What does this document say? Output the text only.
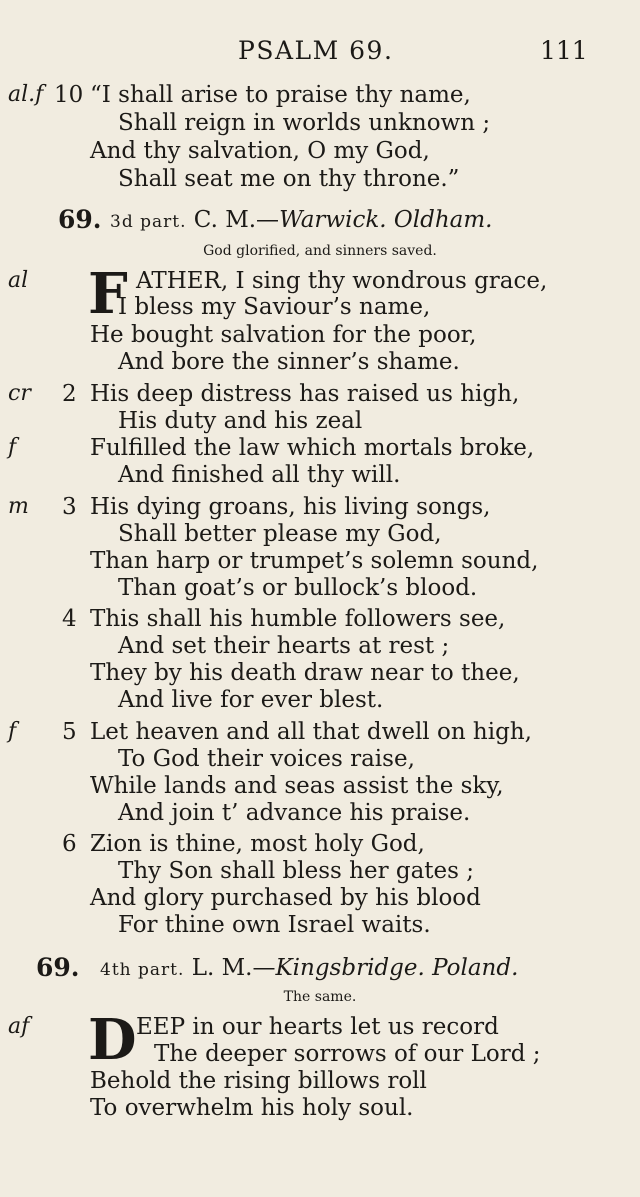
PSALM 69.	111
al.f 10 “I shall arise to praise thy name,
Shall reign in worlds unknown ;
And thy salvation, O my God,
Shall seat me on thy throne.”
69. 3d part. C. M.—Warwick. Oldham.
God glorified, and sinners saved.
al F ATHER, I sing thy wondrous grace,
I bless my Saviour’s name,
He bought salvation for the poor,
And bore the sinner’s shame.
cr 2 His deep distress has raised us high,
His duty and his zeal
f	Fulfilled the law which mortals broke,
And finished all thy will.
m 3 His dying groans, his living songs,
Shall better please my God,
Than harp or trumpet’s solemn sound,
Than goat’s or bullock’s blood.
4 This shall his humble followers see,
And set their hearts at rest ;
They by his death draw near to thee,
And live for ever blest.
f 5 Let heaven and all that dwell on high,
To God their voices raise,
While lands and seas assist the sky,
And join t’ advance his praise.
6 Zion is thine, most holy God,
Thy Son shall bless her gates ;
And glory purchased by his blood
For thine own Israel waits.
69. 4th part. L. M.—Kingsbridge. Poland.
The same.
af D EEP in our hearts let us record
The deeper sorrows of our Lord ;
Behold the rising billows roll
To overwhelm his holy soul.
